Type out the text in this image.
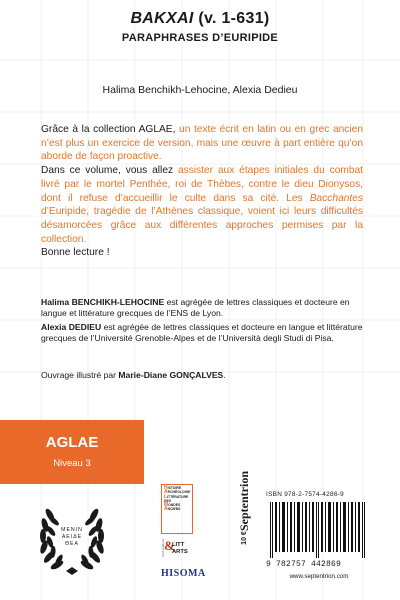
BAKXAI (v. 1-631)
PARAPHRASES D’EURIPIDE
Halima Benchikh-Lehocine, Alexia Dedieu

Grâce à la collection AGLAE, un texte écrit en latin ou en grec ancien n’est plus un exercice de version, mais une œuvre à part entière qu’on aborde de façon proactive.

Dans ce volume, vous allez assister aux étapes initiales du combat livré par le mortel Penthée, roi de Thèbes, contre le dieu Dionysos, dont il refuse d’accueillir le culte dans sa cité. Les Bacchantes d’Euripide, tragédie de l’Athènes classique, voient ici leurs difficultés désamorcées grâce aux différentes approches permises par la collection.

Bonne lecture !

Halima BENCHIKH-LEHOCINE est agrégée de lettres classiques et docteure en langue et littérature grecques de l’ENS de Lyon.

Alexia DEDIEU est agrégée de lettres classiques et docteure en langue et littérature grecques de l’Université Grenoble-Alpes et de l’Università degli Studi di Pisa.

Ouvrage illustré par Marie-Diane GONÇALVES.
AGLAE
Niveau 3
ΜΕΝΙΝ
ΑΕΙΔΕ
ΘΕΑ
HISTOIRE
ARCHÉOLOGIE
LITTÉRATURE
DES
MONDES
ANCIENS
UGA Éditions &
LITT
ARTS
HISOMA
Septentrion
10 €
ISBN 978-2-7574-4286-9
9 782757 442869
www.septentrion.com
